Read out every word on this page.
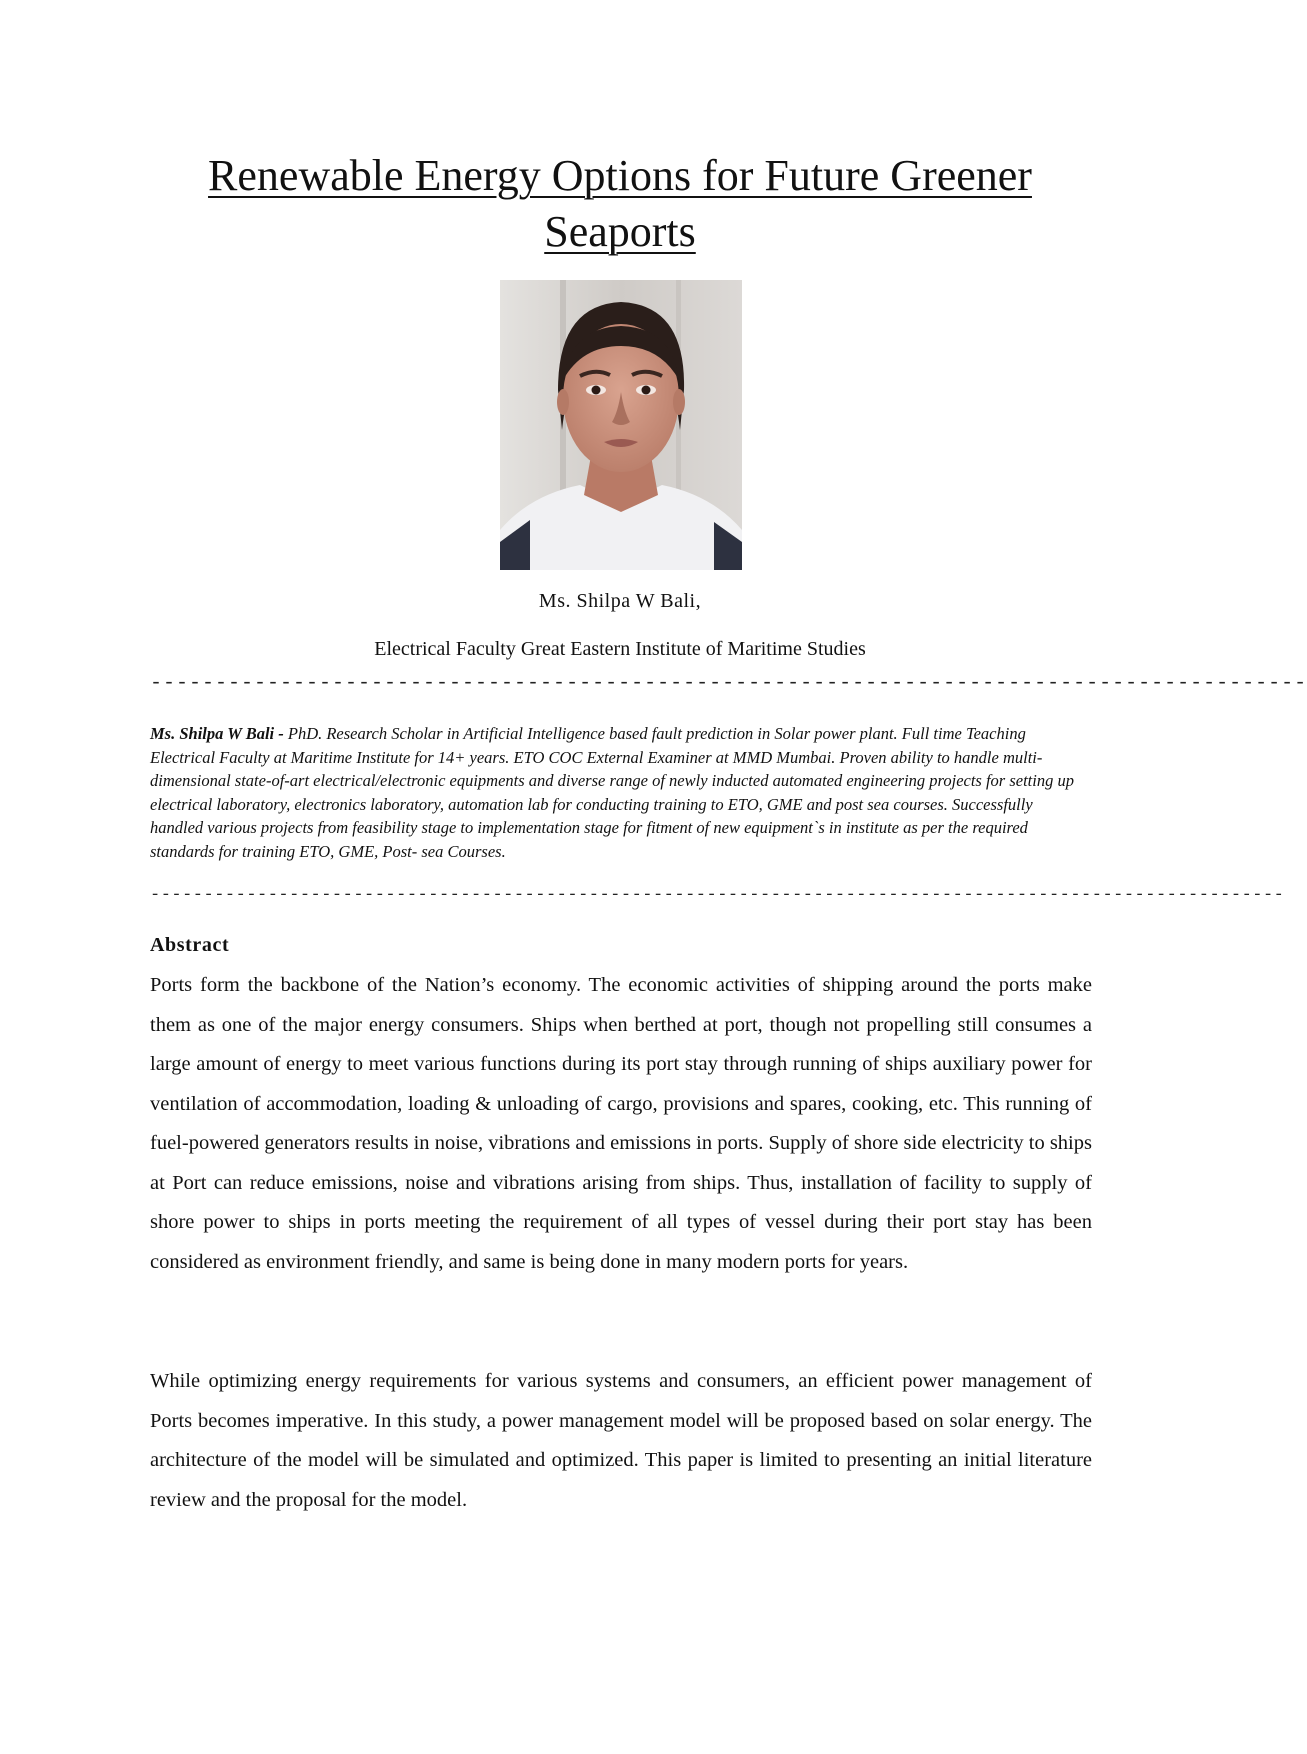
Renewable Energy Options for Future Greener
Seaports
Ms. Shilpa W Bali,
Electrical Faculty Great Eastern Institute of Maritime Studies
-----------------------------------------------------------------------------------------
Ms. Shilpa W Bali - PhD. Research Scholar in Artificial Intelligence based fault prediction in Solar power plant. Full time Teaching Electrical Faculty at Maritime Institute for 14+ years. ETO COC External Examiner at MMD Mumbai. Proven ability to handle multi-dimensional state-of-art electrical/electronic equipments and diverse range of newly inducted automated engineering projects for setting up electrical laboratory, electronics laboratory, automation lab for conducting training to ETO, GME and post sea courses. Successfully handled various projects from feasibility stage to implementation stage for fitment of new equipment`s in institute as per the required standards for training ETO, GME, Post- sea Courses.
----------------------------------------------------------------------------------------------------------
Abstract

Ports form the backbone of the Nation’s economy. The economic activities of shipping around the ports make them as one of the major energy consumers. Ships when berthed at port, though not propelling still consumes a large amount of energy to meet various functions during its port stay through running of ships auxiliary power for ventilation of accommodation, loading & unloading of cargo, provisions and spares, cooking, etc. This running of fuel-powered generators results in noise, vibrations and emissions in ports. Supply of shore side electricity to ships at Port can reduce emissions, noise and vibrations arising from ships. Thus, installation of facility to supply of shore power to ships in ports meeting the requirement of all types of vessel during their port stay has been considered as environment friendly, and same is being done in many modern ports for years.

While optimizing energy requirements for various systems and consumers, an efficient power management of Ports becomes imperative. In this study, a power management model will be proposed based on solar energy. The architecture of the model will be simulated and optimized. This paper is limited to presenting an initial literature review and the proposal for the model.
